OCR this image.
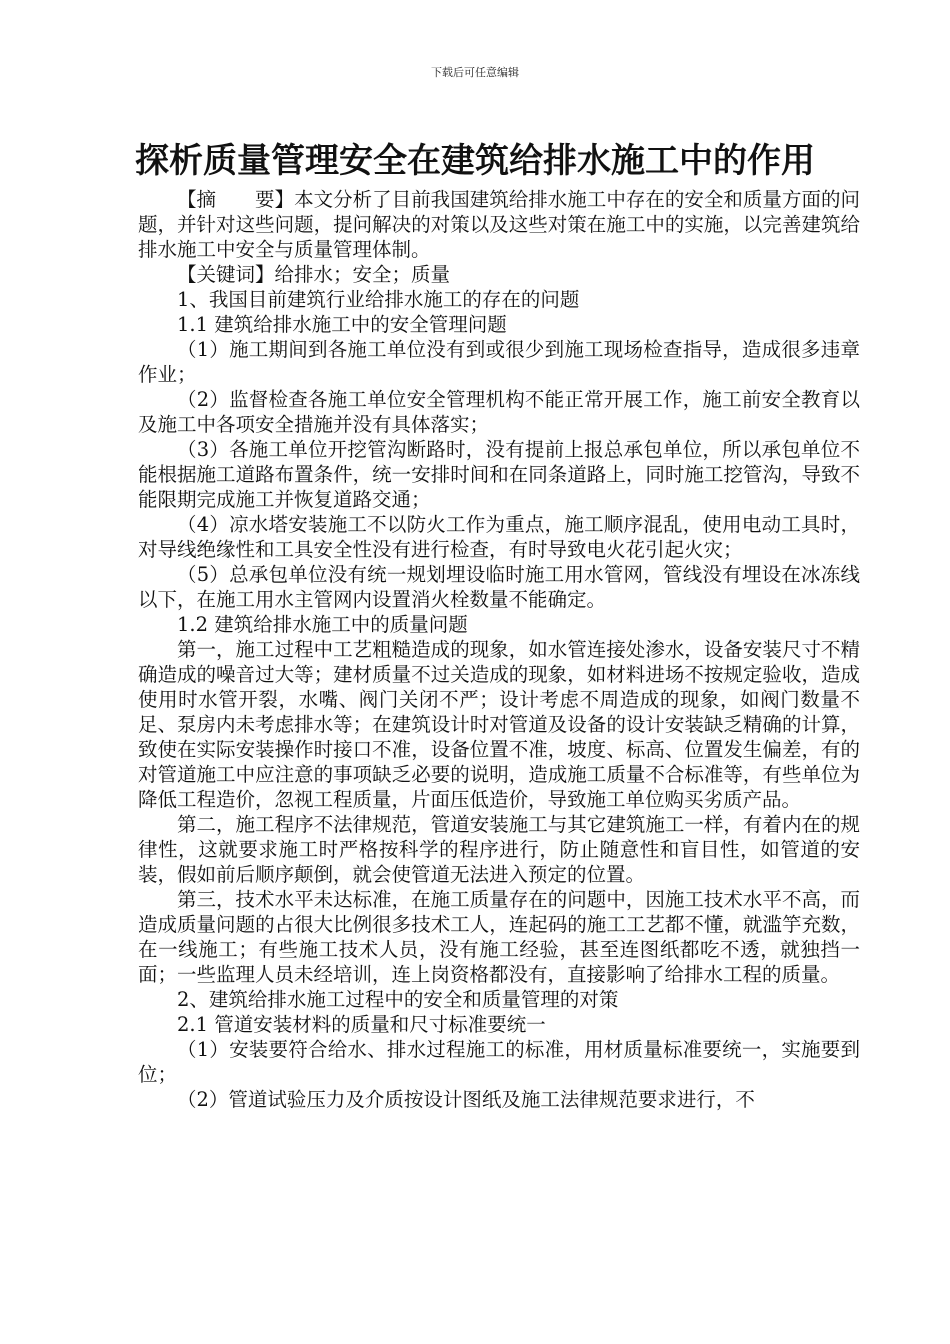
下载后可任意编辑
探析质量管理安全在建筑给排水施工中的作用

【摘　　要】本文分析了目前我国建筑给排水施工中存在的安全和质量方面的问题，并针对这些问题，提问解决的对策以及这些对策在施工中的实施，以完善建筑给排水施工中安全与质量管理体制。

【关键词】给排水；安全；质量

1、我国目前建筑行业给排水施工的存在的问题

1.1 建筑给排水施工中的安全管理问题

（1）施工期间到各施工单位没有到或很少到施工现场检查指导，造成很多违章作业；

（2）监督检查各施工单位安全管理机构不能正常开展工作，施工前安全教育以及施工中各项安全措施并没有具体落实；

（3）各施工单位开挖管沟断路时，没有提前上报总承包单位，所以承包单位不能根据施工道路布置条件，统一安排时间和在同条道路上，同时施工挖管沟，导致不能限期完成施工并恢复道路交通；

（4）凉水塔安装施工不以防火工作为重点，施工顺序混乱，使用电动工具时，对导线绝缘性和工具安全性没有进行检查，有时导致电火花引起火灾；

（5）总承包单位没有统一规划埋设临时施工用水管网，管线没有埋设在冰冻线以下，在施工用水主管网内设置消火栓数量不能确定。

1.2 建筑给排水施工中的质量问题

第一，施工过程中工艺粗糙造成的现象，如水管连接处渗水，设备安装尺寸不精确造成的噪音过大等；建材质量不过关造成的现象，如材料进场不按规定验收，造成使用时水管开裂，水嘴、阀门关闭不严；设计考虑不周造成的现象，如阀门数量不足、泵房内未考虑排水等；在建筑设计时对管道及设备的设计安装缺乏精确的计算，致使在实际安装操作时接口不准，设备位置不准，坡度、标高、位置发生偏差，有的对管道施工中应注意的事项缺乏必要的说明，造成施工质量不合标准等，有些单位为降低工程造价，忽视工程质量，片面压低造价，导致施工单位购买劣质产品。

第二，施工程序不法律规范，管道安装施工与其它建筑施工一样，有着内在的规律性，这就要求施工时严格按科学的程序进行，防止随意性和盲目性，如管道的安装，假如前后顺序颠倒，就会使管道无法进入预定的位置。

第三，技术水平未达标准，在施工质量存在的问题中，因施工技术水平不高，而造成质量问题的占很大比例很多技术工人，连起码的施工工艺都不懂，就滥竽充数，在一线施工；有些施工技术人员，没有施工经验，甚至连图纸都吃不透，就独挡一面；一些监理人员未经培训，连上岗资格都没有，直接影响了给排水工程的质量。

2、建筑给排水施工过程中的安全和质量管理的对策

2.1 管道安装材料的质量和尺寸标准要统一

（1）安装要符合给水、排水过程施工的标准，用材质量标准要统一，实施要到位；

（2）管道试验压力及介质按设计图纸及施工法律规范要求进行，不
